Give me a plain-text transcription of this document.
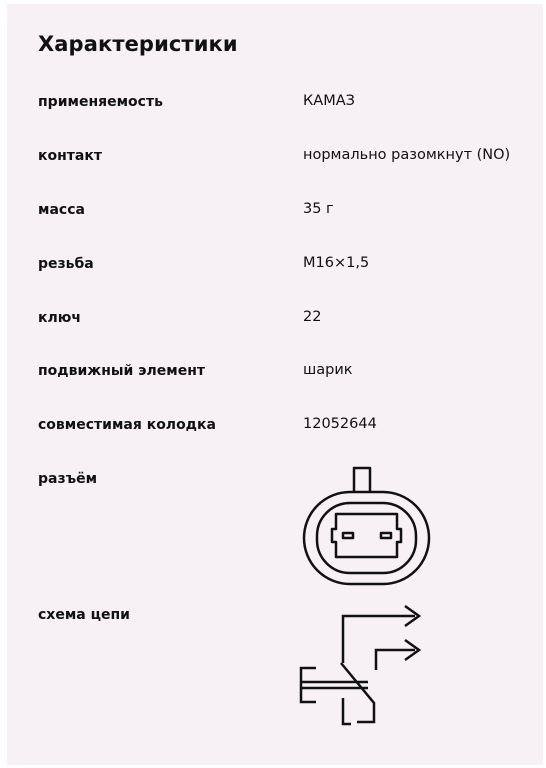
Характеристики
применяемость	КАМАЗ
контакт	нормально разомкнут (NO)
масса	35 г
резьба	М16×1,5
ключ	22
подвижный элемент	шарик
совместимая колодка	12052644
разъём
схема цепи
